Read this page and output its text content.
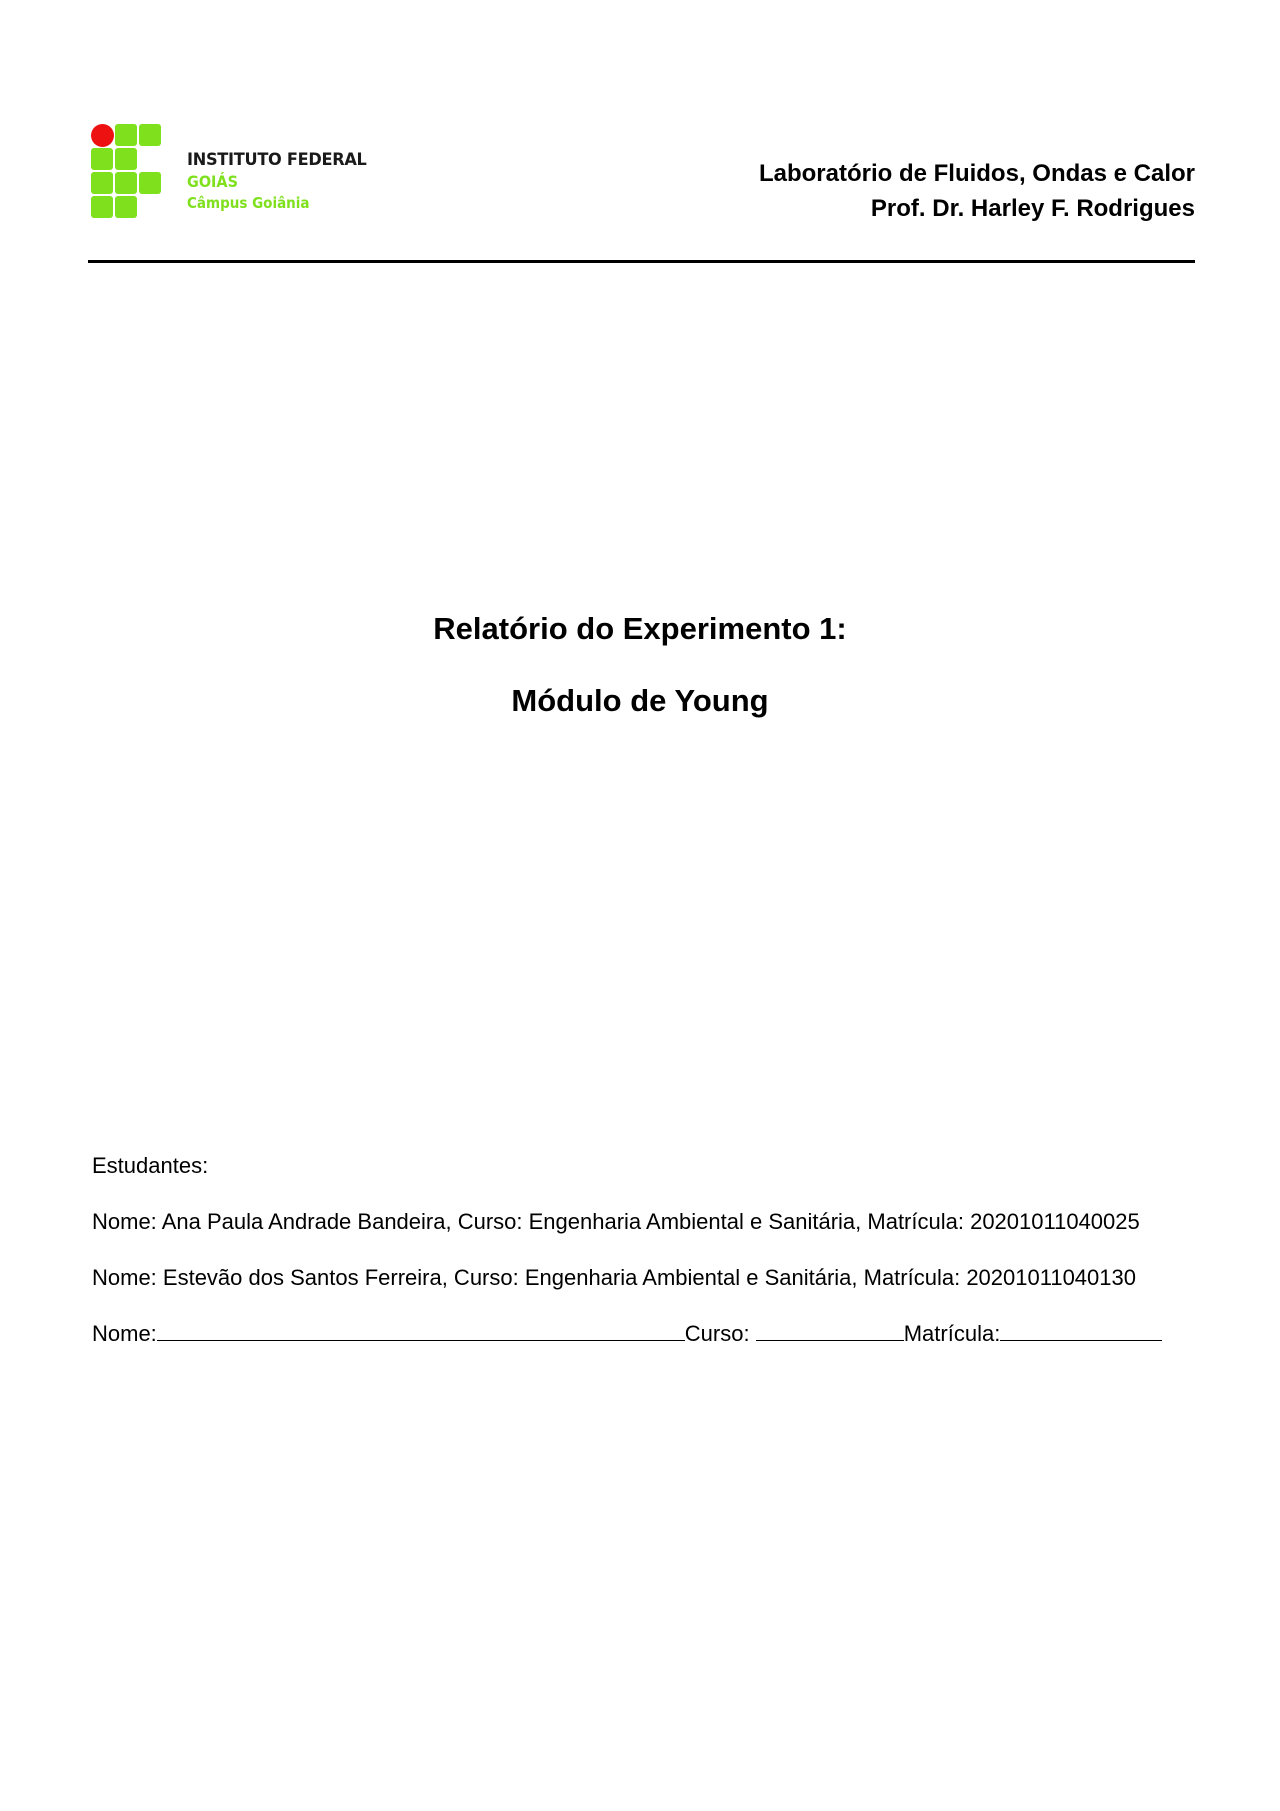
INSTITUTO FEDERAL
GOIÁS
Câmpus Goiânia
Laboratório de Fluidos, Ondas e Calor
Prof. Dr. Harley F. Rodrigues
Relatório do Experimento 1:
Módulo de Young

Estudantes:

Nome: Ana Paula Andrade Bandeira, Curso: Engenharia Ambiental e Sanitária, Matrícula: 20201011040025

Nome: Estevão dos Santos Ferreira, Curso: Engenharia Ambiental e Sanitária, Matrícula: 20201011040130

Nome:	Curso:	Matrícula:
